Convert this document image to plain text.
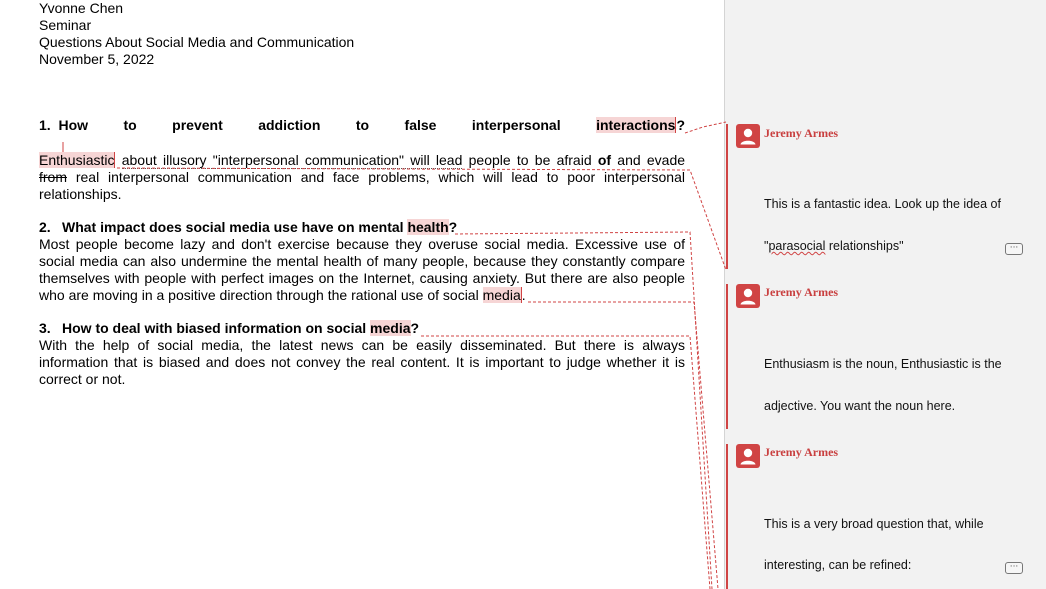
Yvonne Chen
Seminar
Questions About Social Media and Communication
November 5, 2022
1. How	to	prevent	addiction	to	false	interpersonal	interactions?
Enthusiastic about illusory "interpersonal communication" will lead people to be afraid of and evade from real interpersonal communication and face problems, which will lead to poor interpersonal relationships.
2. What impact does social media use have on mental health?
Most people become lazy and don't exercise because they overuse social media. Excessive use of social media can also undermine the mental health of many people, because they constantly compare themselves with people with perfect images on the Internet, causing anxiety. But there are also people who are moving in a positive direction through the rational use of social media.
3. How to deal with biased information on social media?
With the help of social media, the latest news can be easily disseminated. But there is always information that is biased and does not convey the real content. It is important to judge whether it is correct or not.
Jeremy Armes
This is a fantastic idea. Look up the idea of
"parasocial relationships"	···
Jeremy Armes
Enthusiasm is the noun, Enthusiastic is the
adjective. You want the noun here.
Jeremy Armes
This is a very broad question that, while
interesting, can be refined:	···
